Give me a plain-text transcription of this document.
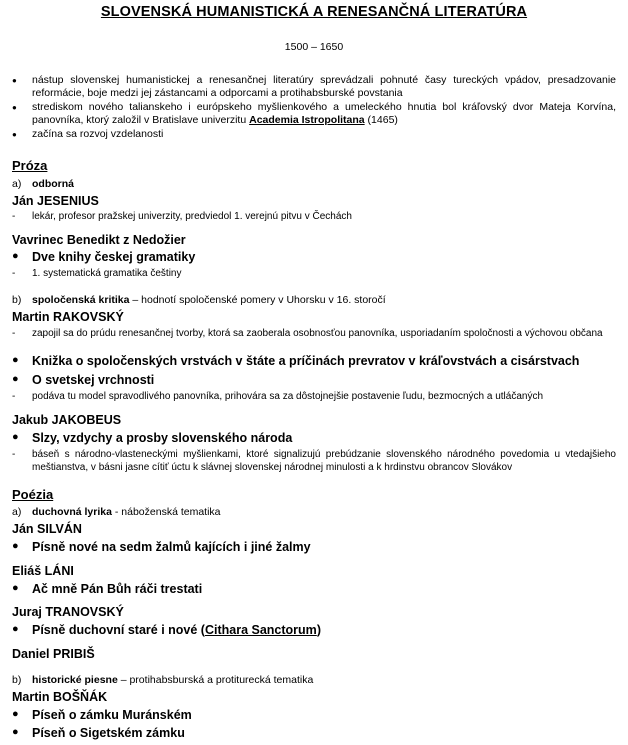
SLOVENSKÁ HUMANISTICKÁ A RENESANČNÁ LITERATÚRA
1500 – 1650
●	nástup slovenskej humanistickej a renesančnej literatúry sprevádzali pohnuté časy tureckých vpádov, presadzovanie reformácie, boje medzi jej zástancami a odporcami a protihabsburské povstania
●	strediskom nového talianskeho i európskeho myšlienkového a umeleckého hnutia bol kráľovský dvor Mateja Korvína, panovníka, ktorý založil v Bratislave univerzitu Academia Istropolitana (1465)
●	začína sa rozvoj vzdelanosti
Próza
a)	odborná
Ján JESENIUS
-	lekár, profesor pražskej univerzity, predviedol 1. verejnú pitvu v Čechách
Vavrinec Benedikt z Nedožier
●	Dve knihy českej gramatiky
-	1. systematická gramatika češtiny
b)	spoločenská kritika – hodnotí spoločenské pomery v Uhorsku v 16. storočí
Martin RAKOVSKÝ
-	zapojil sa do prúdu renesančnej tvorby, ktorá sa zaoberala osobnosťou panovníka, usporiadaním spoločnosti a výchovou občana
●	Knižka o spoločenských vrstvách v štáte a príčinách prevratov v kráľovstvách a cisárstvach
●	O svetskej vrchnosti
-	podáva tu model spravodlivého panovníka, prihovára sa za dôstojnejšie postavenie ľudu, bezmocných a utláčaných
Jakub JAKOBEUS
●	Slzy, vzdychy a prosby slovenského národa
-	báseň s národno-vlasteneckými myšlienkami, ktoré signalizujú prebúdzanie slovenského národného povedomia u vtedajšieho meštianstva, v básni jasne cítiť úctu k slávnej slovenskej národnej minulosti a k hrdinstvu obrancov Slovákov
Poézia
a)	duchovná lyrika - náboženská tematika
Ján SILVÁN
●	Písně nové na sedm žalmů kajících i jiné žalmy
Eliáš LÁNI
●	Ač mně Pán Bůh ráči trestati
Juraj TRANOVSKÝ
●	Písně duchovní staré i nové (Cithara Sanctorum)
Daniel PRIBIŠ
b)	historické piesne – protihabsburská a protiturecká tematika
Martin BOŠŇÁK
●	Píseň o zámku Muránském
●	Píseň o Sigetském zámku
